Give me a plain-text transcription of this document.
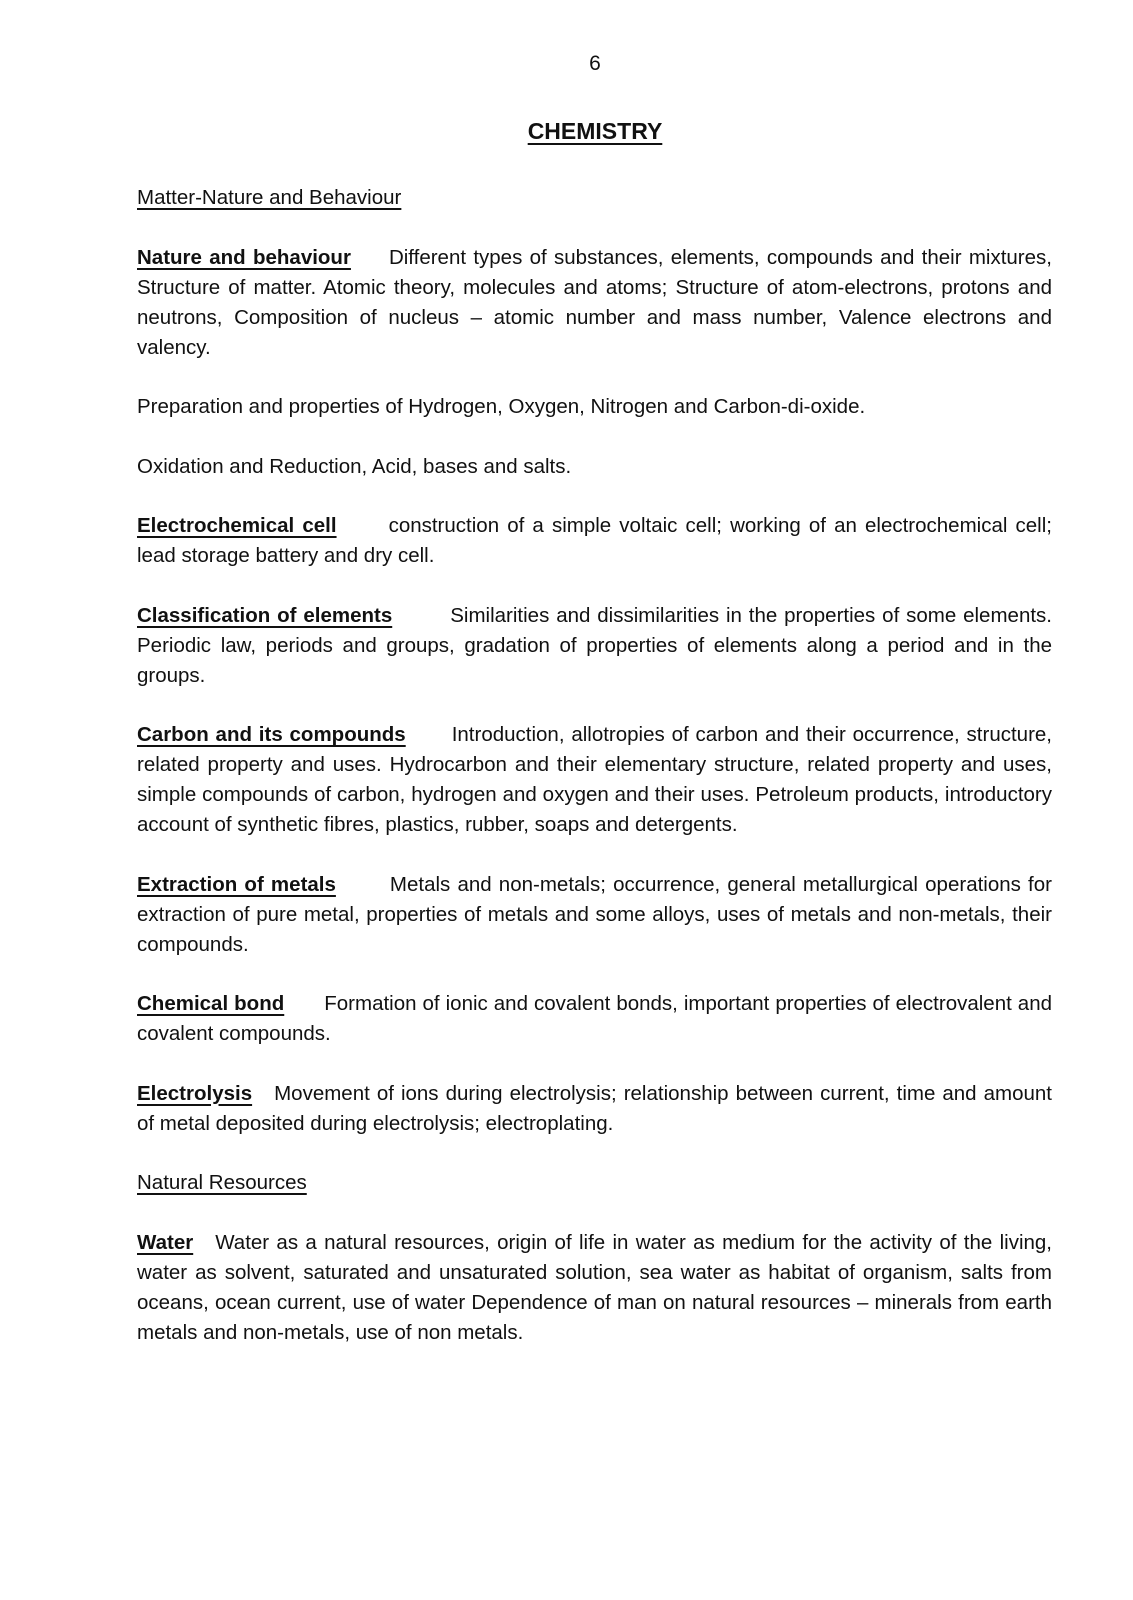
6
CHEMISTRY
Matter-Nature and Behaviour

Nature and behaviour Different types of substances, elements, compounds and their mixtures, Structure of matter. Atomic theory, molecules and atoms; Structure of atom-electrons, protons and neutrons, Composition of nucleus – atomic number and mass number, Valence electrons and valency.

Preparation and properties of Hydrogen, Oxygen, Nitrogen and Carbon-di-oxide.

Oxidation and Reduction, Acid, bases and salts.

Electrochemical cell	construction of a simple voltaic cell; working of an electrochemical cell; lead storage battery and dry cell.

Classification of elements	Similarities and dissimilarities in the properties of some elements. Periodic law, periods and groups, gradation of properties of elements along a period and in the groups.

Carbon and its compounds Introduction, allotropies of carbon and their occurrence, structure, related property and uses. Hydrocarbon and their elementary structure, related property and uses, simple compounds of carbon, hydrogen and oxygen and their uses. Petroleum products, introductory account of synthetic fibres, plastics, rubber, soaps and detergents.

Extraction of metals	Metals and non-metals; occurrence, general metallurgical operations for extraction of pure metal, properties of metals and some alloys, uses of metals and non-metals, their compounds.

Chemical bond Formation of ionic and covalent bonds, important properties of electrovalent and covalent compounds.

Electrolysis Movement of ions during electrolysis; relationship between current, time and amount of metal deposited during electrolysis; electroplating.

Natural Resources

Water Water as a natural resources, origin of life in water as medium for the activity of the living, water as solvent, saturated and unsaturated solution, sea water as habitat of organism, salts from oceans, ocean current, use of water Dependence of man on natural resources – minerals from earth metals and non-metals, use of non metals.
